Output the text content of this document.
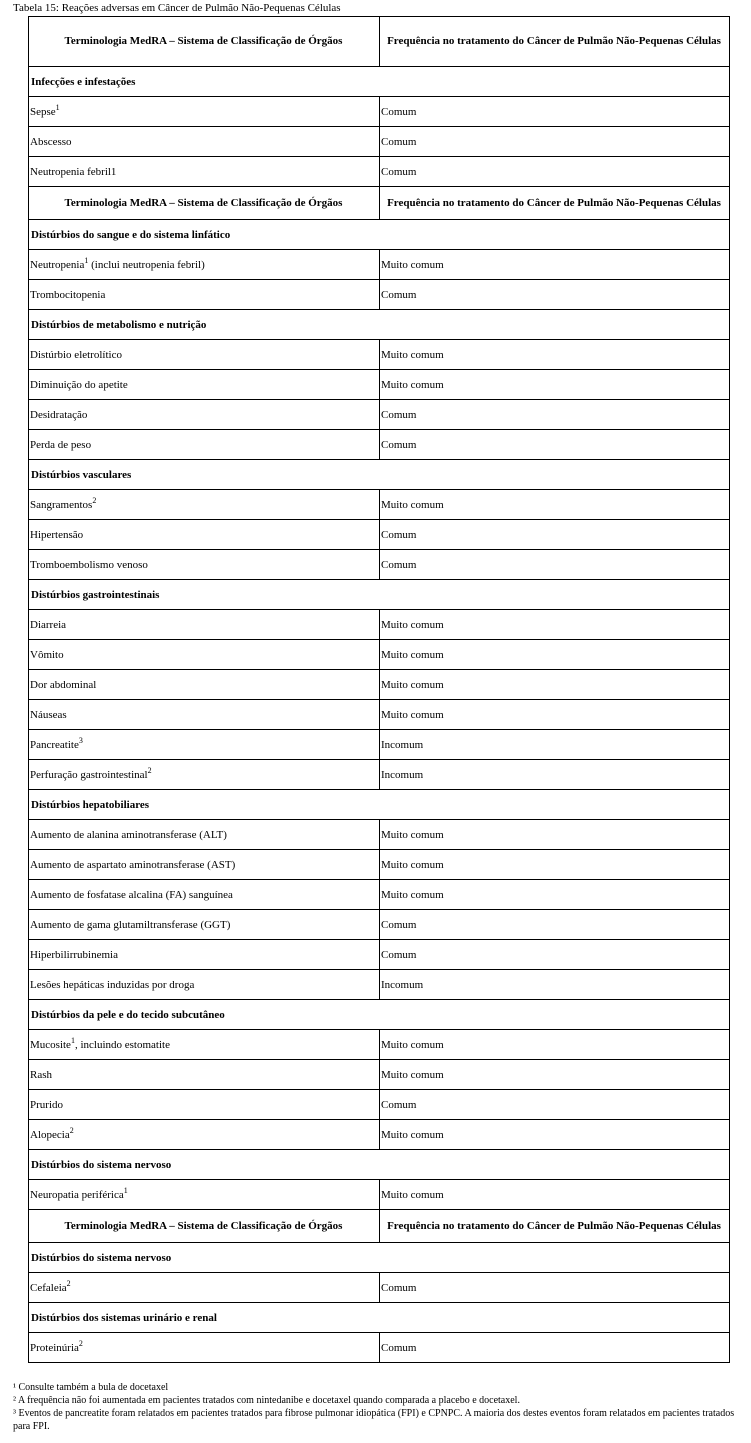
Tabela 15: Reações adversas em Câncer de Pulmão Não-Pequenas Células
Terminologia MedRA – Sistema de Classificação de Órgãos	Frequência no tratamento do Câncer de Pulmão Não-Pequenas Células
Infecções e infestações	
Sepse$^1$	Comum
Abscesso	Comum
Neutropenia febril1	Comum
Terminologia MedRA – Sistema de Classificação de Órgãos	Frequência no tratamento do Câncer de Pulmão Não-Pequenas Células
Distúrbios do sangue e do sistema linfático	
Neutropenia$^1$ (inclui neutropenia febril)	Muito comum
Trombocitopenia	Comum
Distúrbios de metabolismo e nutrição	
Distúrbio eletrolítico	Muito comum
Diminuição do apetite	Muito comum
Desidratação	Comum
Perda de peso	Comum
Distúrbios vasculares	
Sangramentos$^2$	Muito comum
Hipertensão	Comum
Tromboembolismo venoso	Comum
Distúrbios gastrointestinais	
Diarreia	Muito comum
Vômito	Muito comum
Dor abdominal	Muito comum
Náuseas	Muito comum
Pancreatite$^3$	Incomum
Perfuração gastrointestinal$^2$	Incomum
Distúrbios hepatobiliares	
Aumento de alanina aminotransferase (ALT)	Muito comum
Aumento de aspartato aminotransferase (AST)	Muito comum
Aumento de fosfatase alcalina (FA) sanguínea	Muito comum
Aumento de gama glutamiltransferase (GGT)	Comum
Hiperbilirrubinemia	Comum
Lesões hepáticas induzidas por droga	Incomum
Distúrbios da pele e do tecido subcutâneo	
Mucosite$^1$, incluindo estomatite	Muito comum
Rash	Muito comum
Prurido	Comum
Alopecia$^2$	Muito comum
Distúrbios do sistema nervoso	
Neuropatia periférica$^1$	Muito comum
Terminologia MedRA – Sistema de Classificação de Órgãos	Frequência no tratamento do Câncer de Pulmão Não-Pequenas Células
Distúrbios do sistema nervoso	
Cefaleia$^2$	Comum
Distúrbios dos sistemas urinário e renal	
Proteinúria$^2$	Comum
¹ Consulte também a bula de docetaxel
² A frequência não foi aumentada em pacientes tratados com nintedanibe e docetaxel quando comparada a placebo e docetaxel.
³ Eventos de pancreatite foram relatados em pacientes tratados para fibrose pulmonar idiopática (FPI) e CPNPC. A maioria dos destes eventos foram relatados em pacientes tratados para FPI.
